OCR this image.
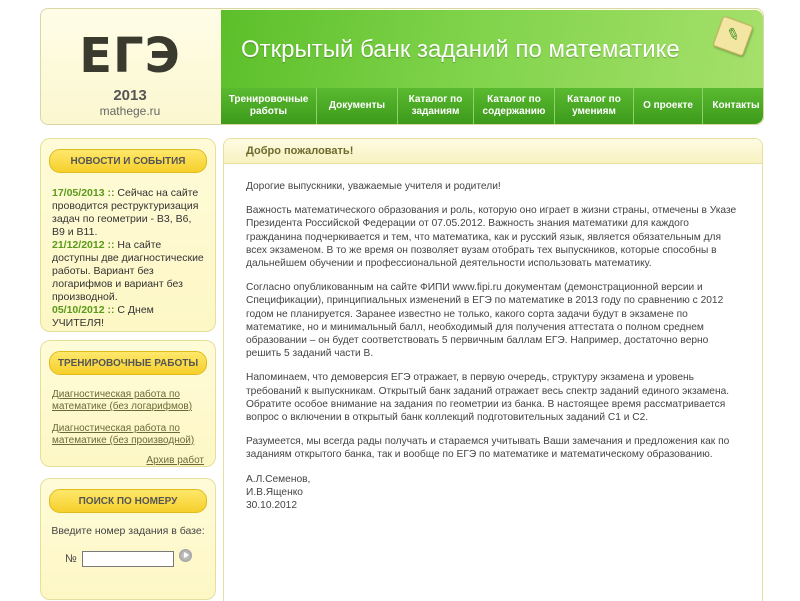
ЕГЭ
2013
mathege.ru
Открытый банк заданий по математике
✎
Тренировочные работы
Документы
Каталог по заданиям
Каталог по содержанию
Каталог по умениям
О проекте	Контакты
НОВОСТИ И СОБЫТИЯ
17/05/2013 :: Сейчас на сайте проводится реструктуризация задач по геометрии - B3, B6, B9 и B11.
21/12/2012 :: На сайте доступны две диагностические работы. Вариант без логарифмов и вариант без производной.
05/10/2012 :: С Днем УЧИТЕЛЯ!
ТРЕНИРОВОЧНЫЕ РАБОТЫ
Диагностическая работа по математике (без логарифмов)
Диагностическая работа по математике (без производной)
Архив работ
ПОИСК ПО НОМЕРУ
Введите номер задания в базе:
№
Добро пожаловать!

Дорогие выпускники, уважаемые учителя и родители!

Важность математического образования и роль, которую оно играет в жизни страны, отмечены в Указе Президента Российской Федерации от 07.05.2012. Важность знания математики для каждого гражданина подчеркивается и тем, что математика, как и русский язык, является обязательным для всех экзаменом. В то же время он позволяет вузам отобрать тех выпускников, которые способны в дальнейшем обучении и профессиональной деятельности использовать математику.

Согласно опубликованным на сайте ФИПИ www.fipi.ru документам (демонстрационной версии и Спецификации), принципиальных изменений в ЕГЭ по математике в 2013 году по сравнению с 2012 годом не планируется. Заранее известно не только, какого сорта задачи будут в экзамене по математике, но и минимальный балл, необходимый для получения аттестата о полном среднем образовании – он будет соответствовать 5 первичным баллам ЕГЭ. Например, достаточно верно решить 5 заданий части B.

Напоминаем, что демоверсия ЕГЭ отражает, в первую очередь, структуру экзамена и уровень требований к выпускникам. Открытый банк заданий отражает весь спектр заданий единого экзамена. Обратите особое внимание на задания по геометрии из банка. В настоящее время рассматривается вопрос о включении в открытый банк коллекций подготовительных заданий C1 и C2.

Разумеется, мы всегда рады получать и стараемся учитывать Ваши замечания и предложения как по заданиям открытого банка, так и вообще по ЕГЭ по математике и математическому образованию.

А.Л.Семенов,
И.В.Ященко
30.10.2012
